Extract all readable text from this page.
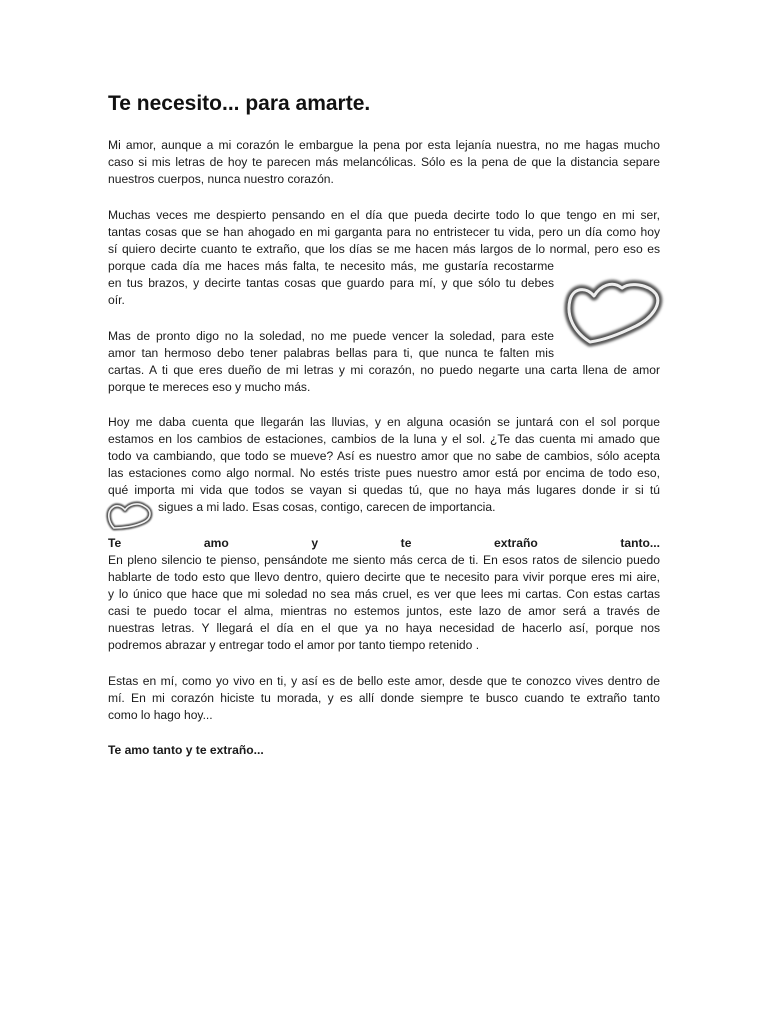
Te necesito... para amarte.
Mi amor, aunque a mi corazón le embargue la pena por esta lejanía nuestra, no me hagas mucho
caso si mis letras de hoy te parecen más melancólicas. Sólo es la pena de que la distancia separe
nuestros cuerpos, nunca nuestro corazón.
Muchas veces me despierto pensando en el día que pueda decirte todo lo que tengo en mi ser,
tantas cosas que se han ahogado en mi garganta para no entristecer tu vida, pero un día como hoy
sí quiero decirte cuanto te extraño, que los días se me hacen más largos de lo normal, pero eso es
porque cada día me haces más falta, te necesito más, me gustaría recostarme
en tus brazos, y decirte tantas cosas que guardo para mí, y que sólo tu debes
oír.
Mas de pronto digo no la soledad, no me puede vencer la soledad, para este
amor tan hermoso debo tener palabras bellas para ti, que nunca te falten mis
cartas. A ti que eres dueño de mi letras y mi corazón, no puedo negarte una carta llena de amor
porque te mereces eso y mucho más.
Hoy me daba cuenta que llegarán las lluvias, y en alguna ocasión se juntará con el sol porque
estamos en los cambios de estaciones, cambios de la luna y el sol. ¿Te das cuenta mi amado que
todo va cambiando, que todo se mueve? Así es nuestro amor que no sabe de cambios, sólo acepta
las estaciones como algo normal. No estés triste pues nuestro amor está por encima de todo eso,
qué importa mi vida que todos se vayan si quedas tú, que no haya más lugares donde ir si tú
sigues a mi lado. Esas cosas, contigo, carecen de importancia.
Te amo y te extraño tanto...
En pleno silencio te pienso, pensándote me siento más cerca de ti. En esos ratos de silencio puedo
hablarte de todo esto que llevo dentro, quiero decirte que te necesito para vivir porque eres mi aire,
y lo único que hace que mi soledad no sea más cruel, es ver que lees mi cartas. Con estas cartas
casi te puedo tocar el alma, mientras no estemos juntos, este lazo de amor será a través de
nuestras letras. Y llegará el día en el que ya no haya necesidad de hacerlo así, porque nos
podremos abrazar y entregar todo el amor por tanto tiempo retenido .
Estas en mí, como yo vivo en ti, y así es de bello este amor, desde que te conozco vives dentro de
mí. En mi corazón hiciste tu morada, y es allí donde siempre te busco cuando te extraño tanto
como lo hago hoy...
Te amo tanto y te extraño...
